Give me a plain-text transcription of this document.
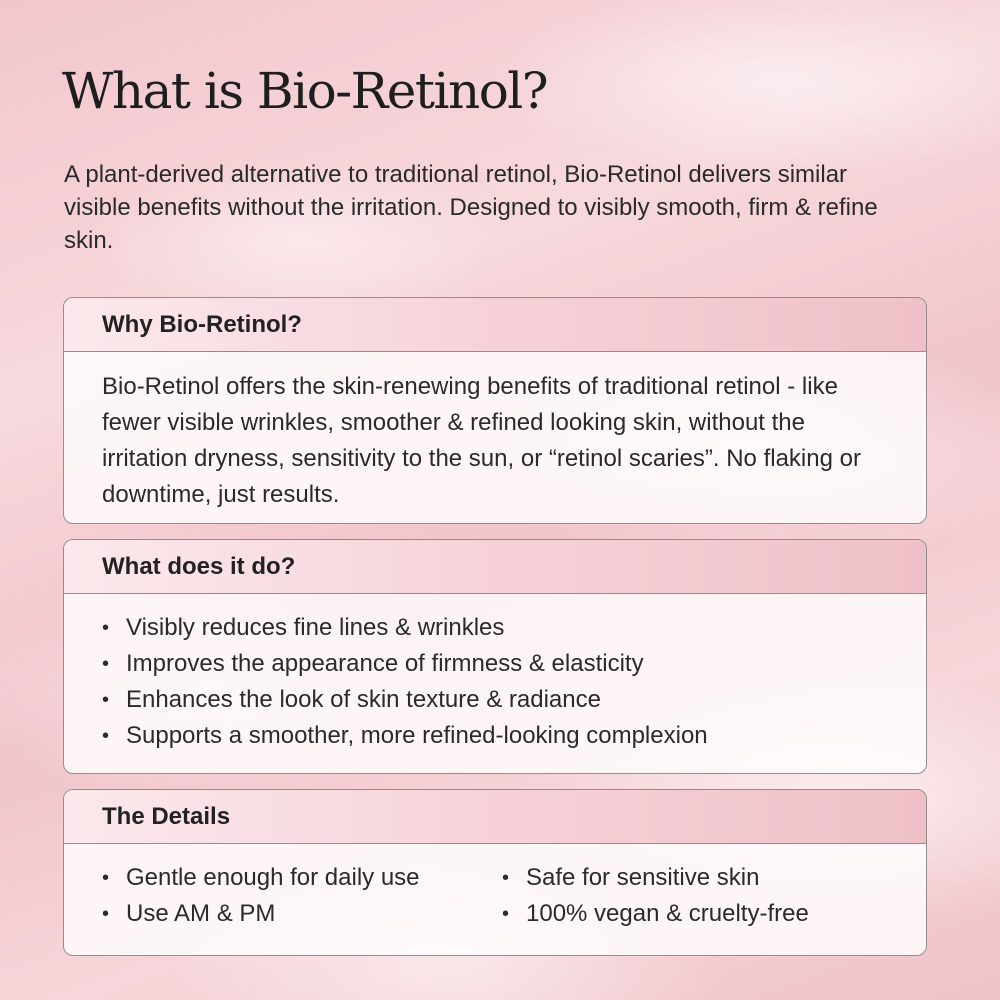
What is Bio-Retinol?

A plant-derived alternative to traditional retinol, Bio-Retinol delivers similar visible benefits without the irritation. Designed to visibly smooth, firm & refine skin.

Why Bio-Retinol?
Bio-Retinol offers the skin-renewing benefits of traditional retinol - like fewer visible wrinkles, smoother & refined looking skin, without the irritation dryness, sensitivity to the sun, or “retinol scaries”. No flaking or downtime, just results.
What does it do?
• Visibly reduces fine lines & wrinkles
• Improves the appearance of firmness & elasticity
• Enhances the look of skin texture & radiance
• Supports a smoother, more refined-looking complexion
The Details
• Gentle enough for daily use
• Use AM & PM
• Safe for sensitive skin
• 100% vegan & cruelty-free
